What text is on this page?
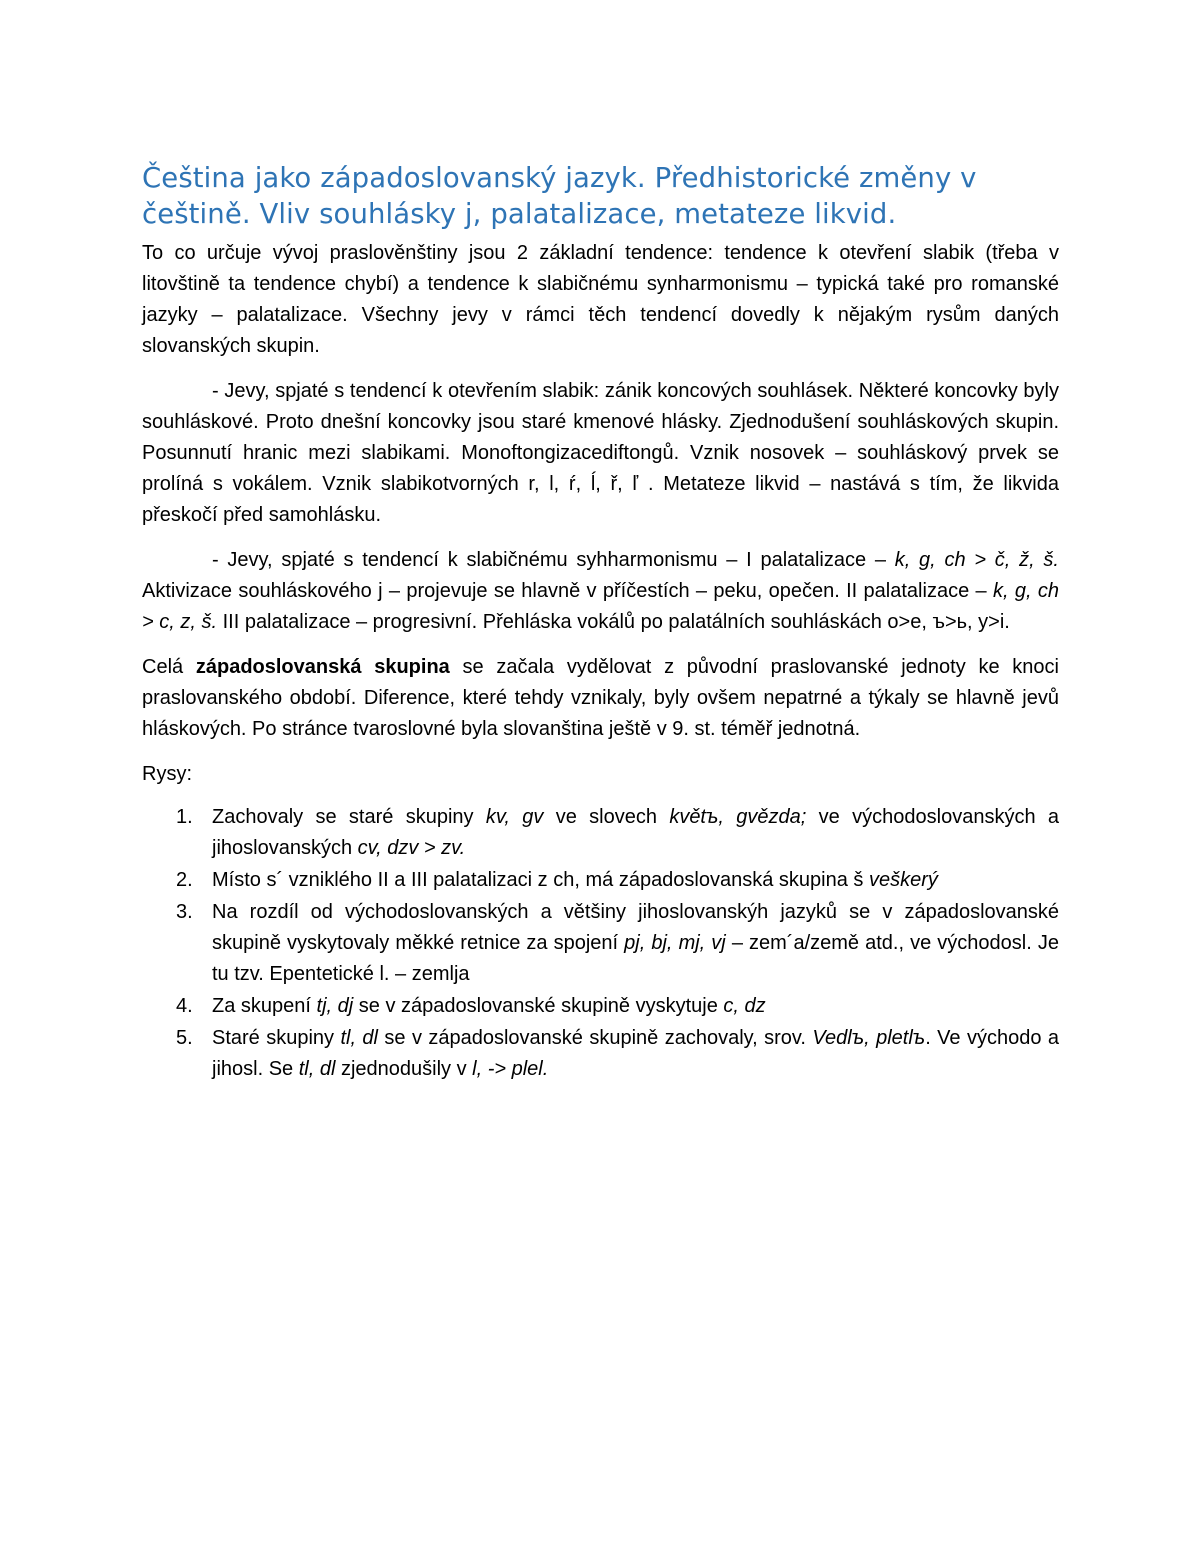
Čeština jako západoslovanský jazyk. Předhistorické změny v češtině. Vliv souhlásky j, palatalizace, metateze likvid.

To co určuje vývoj praslověnštiny jsou 2 základní tendence: tendence k otevření slabik (třeba v litovštině ta tendence chybí) a tendence k slabičnému synharmonismu – typická také pro romanské jazyky – palatalizace. Všechny jevy v rámci těch tendencí dovedly k nějakým rysům daných slovanských skupin.

- Jevy, spjaté s tendencí k otevřením slabik: zánik koncových souhlásek. Některé koncovky byly souhláskové. Proto dnešní koncovky jsou staré kmenové hlásky. Zjednodušení souhláskových skupin. Posunnutí hranic mezi slabikami. Monoftongizacediftongů. Vznik nosovek – souhláskový prvek se prolíná s vokálem. Vznik slabikotvorných r, l, ŕ, ĺ, ř, ľ . Metateze likvid – nastává s tím, že likvida přeskočí před samohlásku.

- Jevy, spjaté s tendencí k slabičnému syhharmonismu – I palatalizace – k, g, ch > č, ž, š. Aktivizace souhláskového j – projevuje se hlavně v příčestích – peku, opečen. II palatalizace – k, g, ch > c, z, š. III palatalizace – progresivní. Přehláska vokálů po palatálních souhláskách o>e, ъ>ь, y>i.

Celá západoslovanská skupina se začala vydělovat z původní praslovanské jednoty ke knoci praslovanského období. Diference, které tehdy vznikaly, byly ovšem nepatrné a týkaly se hlavně jevů hláskových. Po stránce tvaroslovné byla slovanština ještě v 9. st. téměř jednotná.

Rysy:

1. Zachovaly se staré skupiny kv, gv ve slovech květъ, gvězda; ve východoslovanských a jihoslovanských cv, dzv > zv.
2. Místo s´ vzniklého II a III palatalizaci z ch, má západoslovanská skupina š veškerý
3. Na rozdíl od východoslovanských a většiny jihoslovanskýh jazyků se v západoslovanské skupině vyskytovaly měkké retnice za spojení pj, bj, mj, vj – zem´a/země atd., ve východosl. Je tu tzv. Epentetické l. – zemlja
4. Za skupení tj, dj se v západoslovanské skupině vyskytuje c, dz
5. Staré skupiny tl, dl se v západoslovanské skupině zachovaly, srov. Vedlъ, pletlъ. Ve východo a jihosl. Se tl, dl zjednodušily v l, -> plel.
